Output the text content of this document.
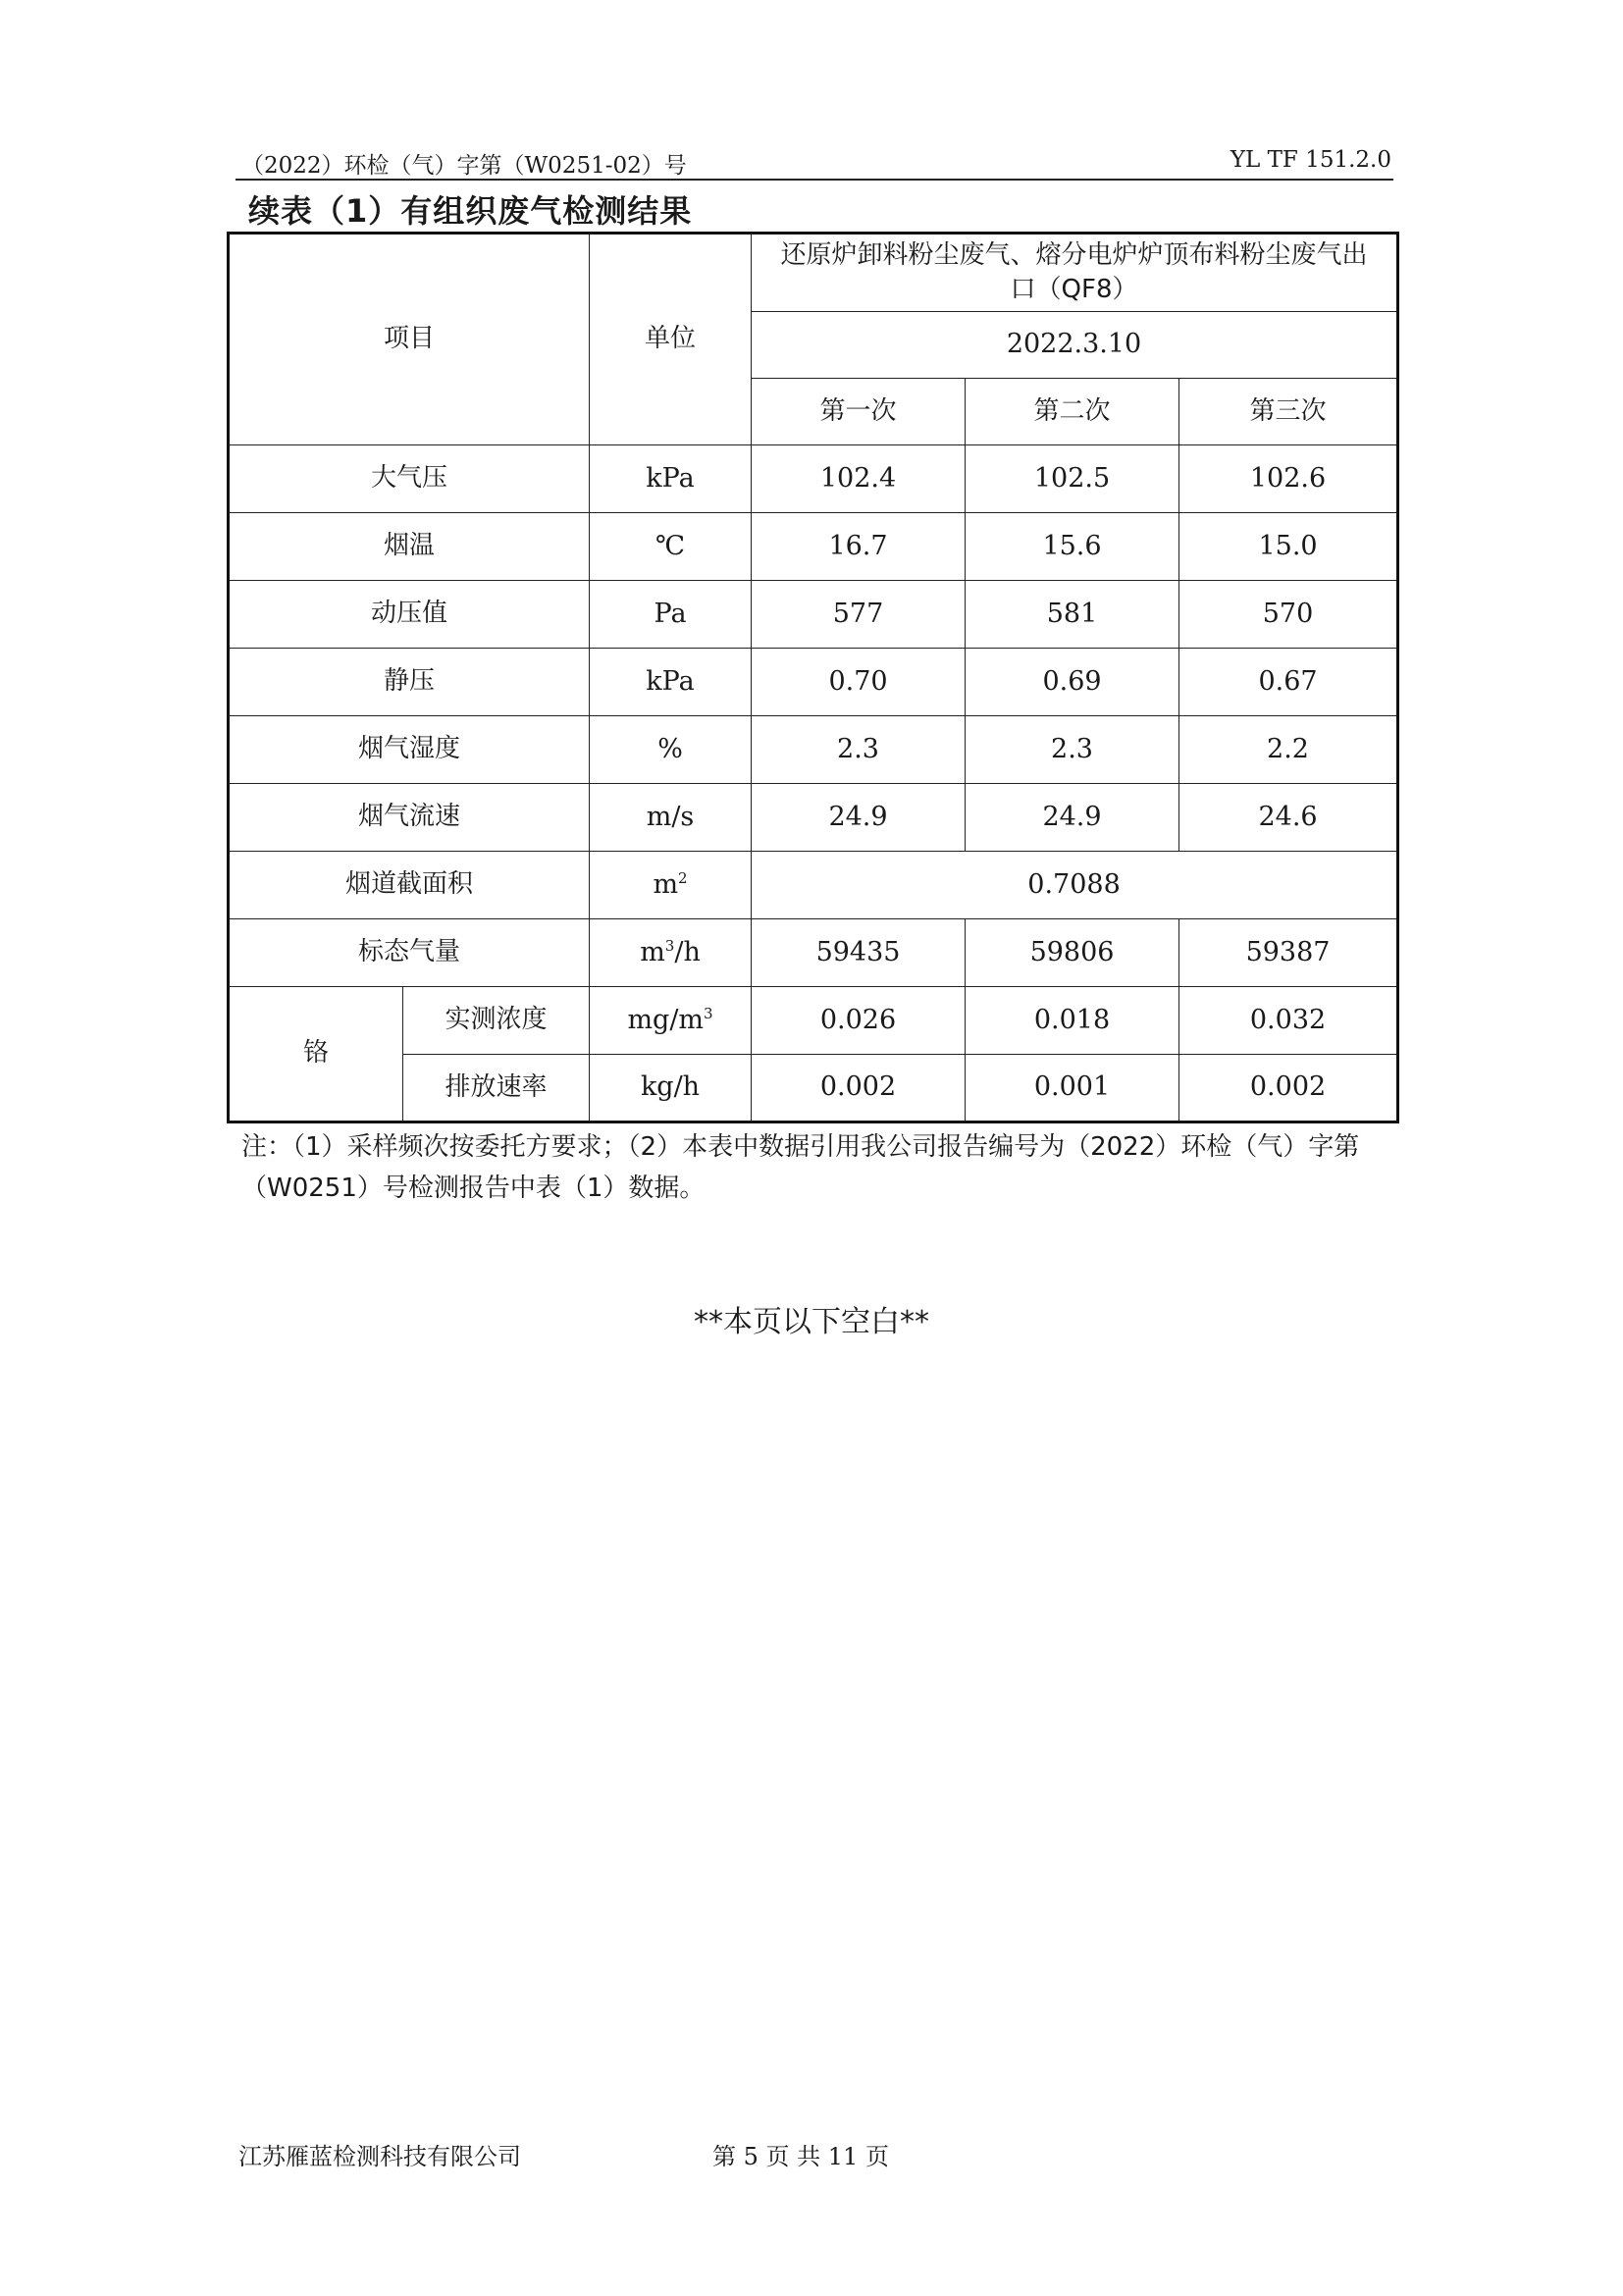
（2022）环检（气）字第（W0251-02）号	YL TF 151.2.0
续表（1）有组织废气检测结果
项目		单位	还原炉卸料粉尘废气、熔分电炉炉顶布料粉尘废气出口（QF8）		
			2022.3.10		
			第一次	第二次	第三次
大气压		kPa	102.4	102.5	102.6
烟温		℃	16.7	15.6	15.0
动压值		Pa	577	581	570
静压		kPa	0.70	0.69	0.67
烟气湿度		%	2.3	2.3	2.2
烟气流速		m/s	24.9	24.9	24.6
烟道截面积		$m^2$	0.7088		
标态气量		$m^3/h$	59435	59806	59387
铬	实测浓度	$mg/m^3$	0.026	0.018	0.032
	排放速率	kg/h	0.002	0.001	0.002
注：（1）采样频次按委托方要求；（2）本表中数据引用我公司报告编号为（2022）环检（气）字第（W0251）号检测报告中表（1）数据。
**本页以下空白**
江苏雁蓝检测科技有限公司	第 5 页 共 11 页
